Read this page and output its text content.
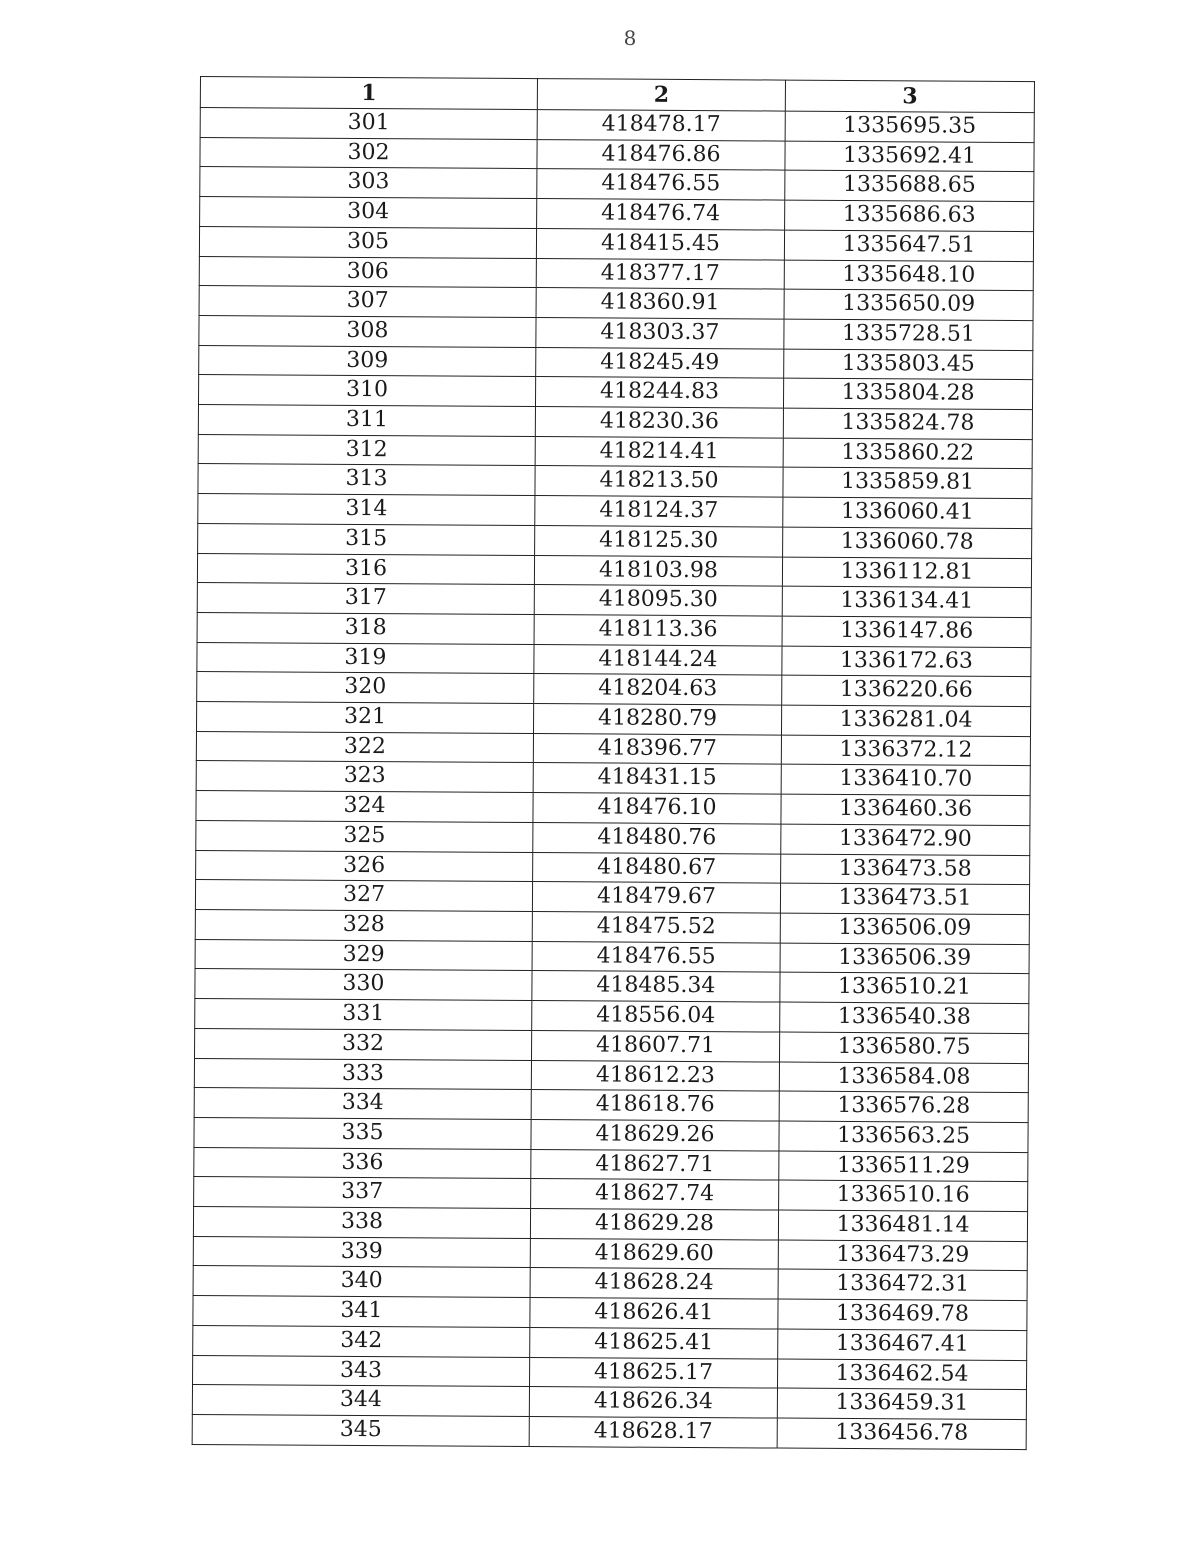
8
1	2	3
301	418478.17	1335695.35
302	418476.86	1335692.41
303	418476.55	1335688.65
304	418476.74	1335686.63
305	418415.45	1335647.51
306	418377.17	1335648.10
307	418360.91	1335650.09
308	418303.37	1335728.51
309	418245.49	1335803.45
310	418244.83	1335804.28
311	418230.36	1335824.78
312	418214.41	1335860.22
313	418213.50	1335859.81
314	418124.37	1336060.41
315	418125.30	1336060.78
316	418103.98	1336112.81
317	418095.30	1336134.41
318	418113.36	1336147.86
319	418144.24	1336172.63
320	418204.63	1336220.66
321	418280.79	1336281.04
322	418396.77	1336372.12
323	418431.15	1336410.70
324	418476.10	1336460.36
325	418480.76	1336472.90
326	418480.67	1336473.58
327	418479.67	1336473.51
328	418475.52	1336506.09
329	418476.55	1336506.39
330	418485.34	1336510.21
331	418556.04	1336540.38
332	418607.71	1336580.75
333	418612.23	1336584.08
334	418618.76	1336576.28
335	418629.26	1336563.25
336	418627.71	1336511.29
337	418627.74	1336510.16
338	418629.28	1336481.14
339	418629.60	1336473.29
340	418628.24	1336472.31
341	418626.41	1336469.78
342	418625.41	1336467.41
343	418625.17	1336462.54
344	418626.34	1336459.31
345	418628.17	1336456.78
